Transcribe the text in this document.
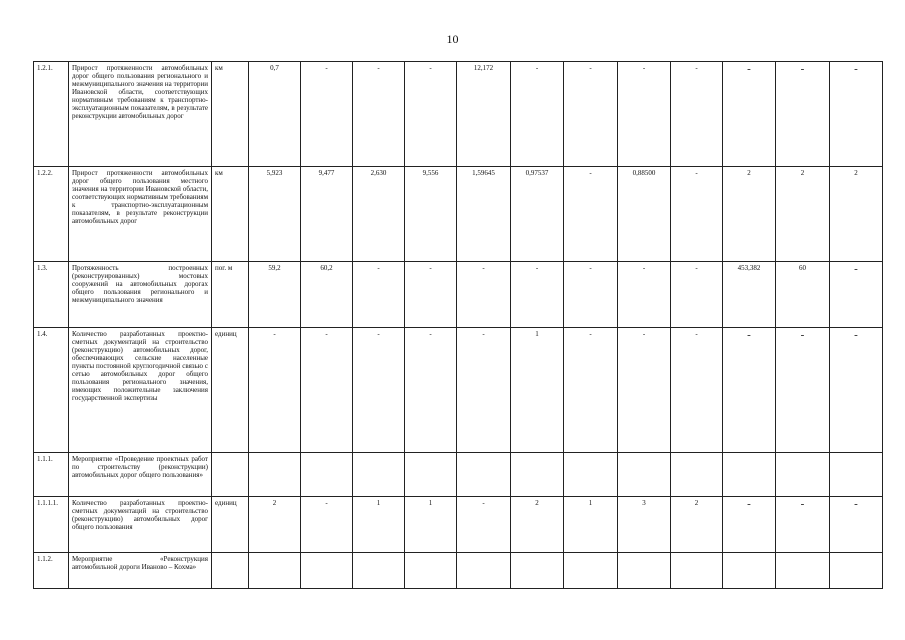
10
1.2.1.	Прирост протяженности автомобильных дорог общего пользования регионального и межмуниципального значения на территории Ивановской области, соответствующих нормативным требованиям к транспортно-эксплуатационным показателям, в результате реконструкции автомобильных дорог	км	0,7	-	-	-	12,172	-	-	-	-	-	-	-
1.2.2.	Прирост протяженности автомобильных дорог общего пользования местного значения на территории Ивановской области, соответствующих нормативным требованиям к транспортно-эксплуатационным показателям, в результате реконструкции автомобильных дорог	км	5,923	9,477	2,630	9,556	1,59645	0,97537	-	0,88500	-	2	2	2
1.3.	Протяженность построенных (реконструированных) мостовых сооружений на автомобильных дорогах общего пользования регионального и межмуниципального значения	пог. м	59,2	60,2	-	-	-	-	-	-	-	453,382	60	-
1.4.	Количество разработанных проектно-сметных документаций на строительство (реконструкцию) автомобильных дорог, обеспечивающих сельские населенные пункты постоянной круглогодичной связью с сетью автомобильных дорог общего пользования регионального значения, имеющих положительные заключения государственной экспертизы	единиц	-	-	-	-	-	1	-	-	-	-	-	-
1.1.1.	Мероприятие «Проведение проектных работ по строительству (реконструкции) автомобильных дорог общего пользования»													
1.1.1.1.	Количество разработанных проектно-сметных документаций на строительство (реконструкцию) автомобильных дорог общего пользования	единиц	2	-	1	1	-	2	1	3	2	-	-	-
1.1.2.	Мероприятие «Реконструкция автомобильной дороги Иваново – Кохма»													
